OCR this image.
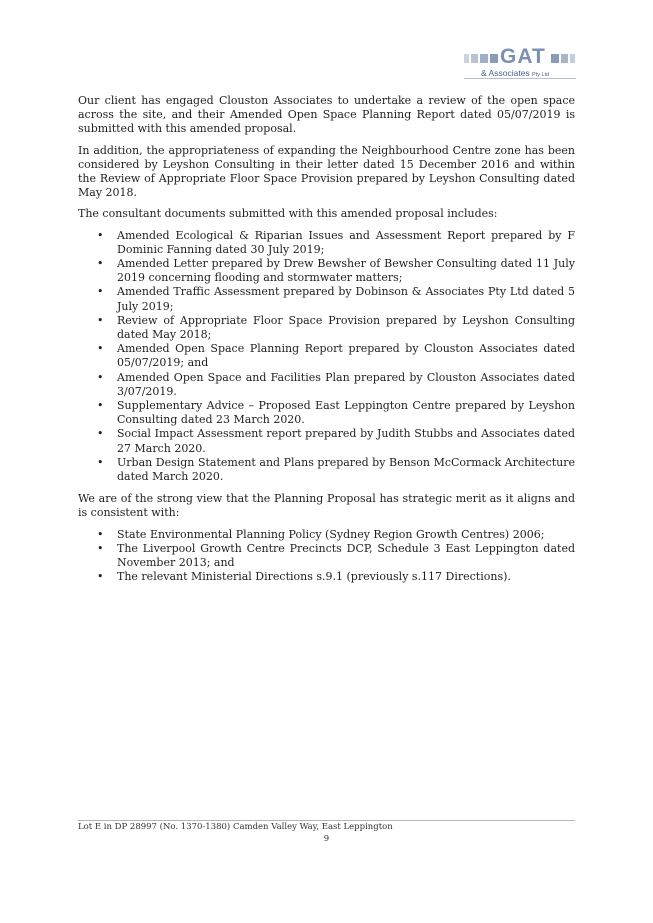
GAT
& Associates Pty Ltd

Our client has engaged Clouston Associates to undertake a review of the open space across the site, and their Amended Open Space Planning Report dated 05/07/2019 is submitted with this amended proposal.

In addition, the appropriateness of expanding the Neighbourhood Centre zone has been considered by Leyshon Consulting in their letter dated 15 December 2016 and within the Review of Appropriate Floor Space Provision prepared by Leyshon Consulting dated May 2018.

The consultant documents submitted with this amended proposal includes:

• Amended Ecological & Riparian Issues and Assessment Report prepared by F Dominic Fanning dated 30 July 2019;
• Amended Letter prepared by Drew Bewsher of Bewsher Consulting dated 11 July 2019 concerning flooding and stormwater matters;
• Amended Traffic Assessment prepared by Dobinson & Associates Pty Ltd dated 5 July 2019;
• Review of Appropriate Floor Space Provision prepared by Leyshon Consulting dated May 2018;
• Amended Open Space Planning Report prepared by Clouston Associates dated 05/07/2019; and
• Amended Open Space and Facilities Plan prepared by Clouston Associates dated 3/07/2019.
• Supplementary Advice – Proposed East Leppington Centre prepared by Leyshon Consulting dated 23 March 2020.
• Social Impact Assessment report prepared by Judith Stubbs and Associates dated 27 March 2020.
• Urban Design Statement and Plans prepared by Benson McCormack Architecture dated March 2020.

We are of the strong view that the Planning Proposal has strategic merit as it aligns and is consistent with:

• State Environmental Planning Policy (Sydney Region Growth Centres) 2006;
• The Liverpool Growth Centre Precincts DCP, Schedule 3 East Leppington dated November 2013; and
• The relevant Ministerial Directions s.9.1 (previously s.117 Directions).
Lot E in DP 28997 (No. 1370-1380) Camden Valley Way, East Leppington
9
